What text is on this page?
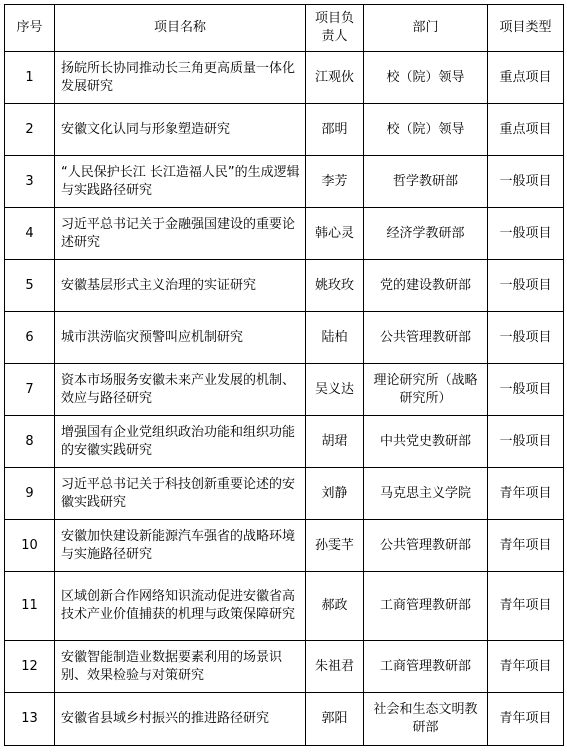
序号	项目名称	项目负责人	部门	项目类型
1	扬皖所长协同推动长三角更高质量一体化发展研究	江观伙	校（院）领导	重点项目
2	安徽文化认同与形象塑造研究	邵明	校（院）领导	重点项目
3	“人民保护长江 长江造福人民”的生成逻辑与实践路径研究	李芳	哲学教研部	一般项目
4	习近平总书记关于金融强国建设的重要论述研究	韩心灵	经济学教研部	一般项目
5	安徽基层形式主义治理的实证研究	姚玫玫	党的建设教研部	一般项目
6	城市洪涝临灾预警叫应机制研究	陆柏	公共管理教研部	一般项目
7	资本市场服务安徽未来产业发展的机制、效应与路径研究	吴义达	理论研究所（战略研究所）	一般项目
8	增强国有企业党组织政治功能和组织功能的安徽实践研究	胡珺	中共党史教研部	一般项目
9	习近平总书记关于科技创新重要论述的安徽实践研究	刘静	马克思主义学院	青年项目
10	安徽加快建设新能源汽车强省的战略环境与实施路径研究	孙雯芊	公共管理教研部	青年项目
11	区域创新合作网络知识流动促进安徽省高技术产业价值捕获的机理与政策保障研究	郝政	工商管理教研部	青年项目
12	安徽智能制造业数据要素利用的场景识别、效果检验与对策研究	朱祖君	工商管理教研部	青年项目
13	安徽省县域乡村振兴的推进路径研究	郭阳	社会和生态文明教研部	青年项目
